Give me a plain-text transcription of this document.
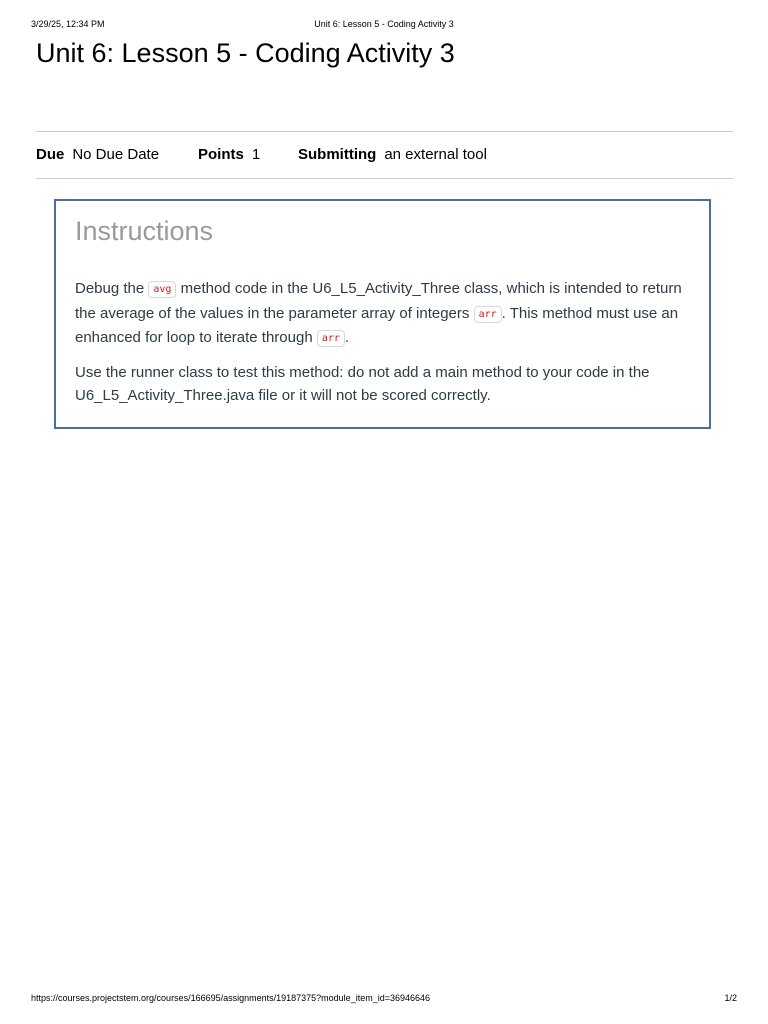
3/29/25, 12:34 PM	Unit 6: Lesson 5 - Coding Activity 3
Unit 6: Lesson 5 - Coding Activity 3
Due No Due Date	Points 1	Submitting an external tool
Instructions

Debug the avg method code in the U6_L5_Activity_Three class, which is intended to return the average of the values in the parameter array of integers arr . This method must use an enhanced for loop to iterate through arr .

Use the runner class to test this method: do not add a main method to your code in the U6_L5_Activity_Three.java file or it will not be scored correctly.

https://courses.projectstem.org/courses/166695/assignments/19187375?module_item_id=36946646	1/2
